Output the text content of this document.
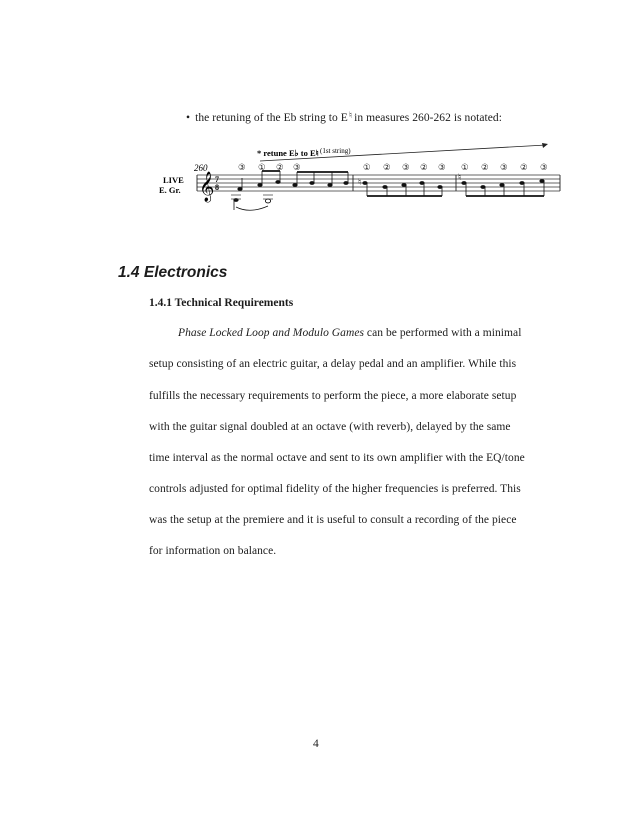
• the retuning of the Eb string to E♮ in measures 260-262 is notated:
260
LIVE
E. Gr.
* retune E♭ to E♮ (1st string)
𝄞 7
8
③ ① ② ③	① ② ③ ② ③ ① ② ③ ② ③
♮	♮
1.4 Electronics
1.4.1 Technical Requirements
Phase Locked Loop and Modulo Games can be performed with a minimal
setup consisting of an electric guitar, a delay pedal and an amplifier. While this
fulfills the necessary requirements to perform the piece, a more elaborate setup
with the guitar signal doubled at an octave (with reverb), delayed by the same
time interval as the normal octave and sent to its own amplifier with the EQ/tone
controls adjusted for optimal fidelity of the higher frequencies is preferred. This
was the setup at the premiere and it is useful to consult a recording of the piece
for information on balance.
4
